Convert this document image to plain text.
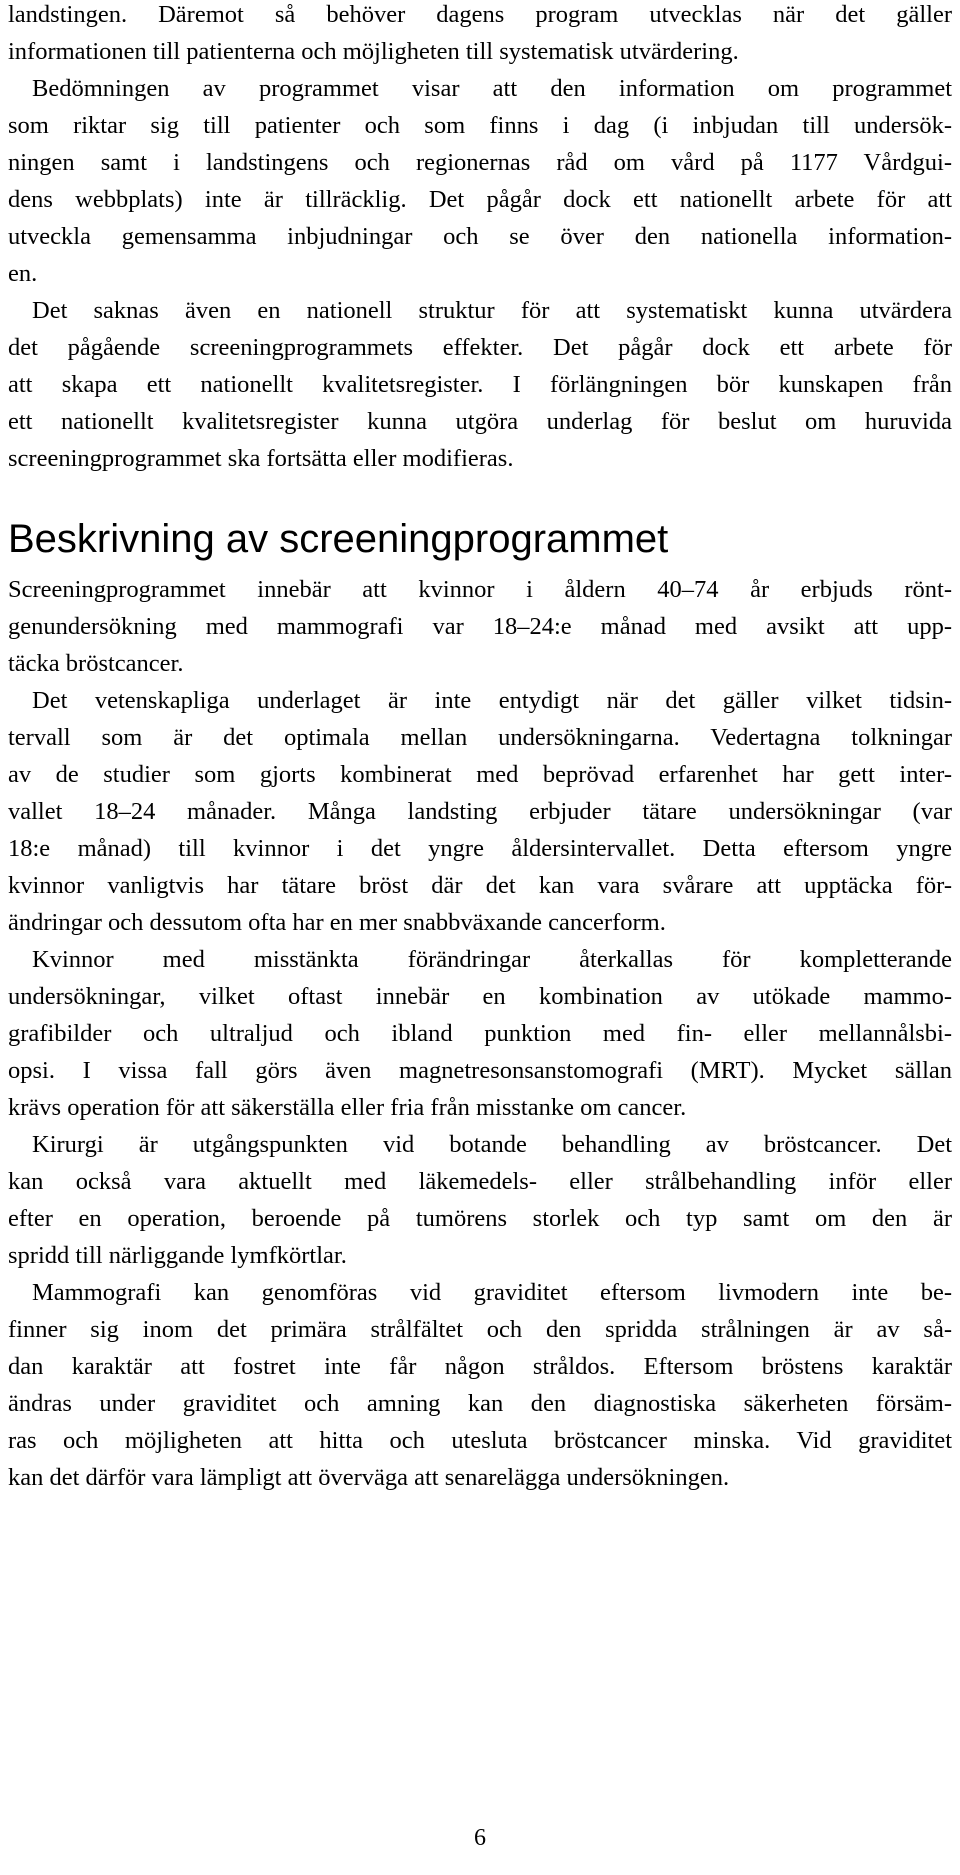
landstingen. Däremot så behöver dagens program utvecklas när det gäller
informationen till patienterna och möjligheten till systematisk utvärdering.
Bedömningen av programmet visar att den information om programmet
som riktar sig till patienter och som finns i dag (i inbjudan till undersök-
ningen samt i landstingens och regionernas råd om vård på 1177 Vårdgui-
dens webbplats) inte är tillräcklig. Det pågår dock ett nationellt arbete för att
utveckla gemensamma inbjudningar och se över den nationella information-
en.
Det saknas även en nationell struktur för att systematiskt kunna utvärdera
det pågående screeningprogrammets effekter. Det pågår dock ett arbete för
att skapa ett nationellt kvalitetsregister. I förlängningen bör kunskapen från
ett nationellt kvalitetsregister kunna utgöra underlag för beslut om huruvida
screeningprogrammet ska fortsätta eller modifieras.
Beskrivning av screeningprogrammet
Screeningprogrammet innebär att kvinnor i åldern 40–74 år erbjuds rönt-
genundersökning med mammografi var 18–24:e månad med avsikt att upp-
täcka bröstcancer.
Det vetenskapliga underlaget är inte entydigt när det gäller vilket tidsin-
tervall som är det optimala mellan undersökningarna. Vedertagna tolkningar
av de studier som gjorts kombinerat med beprövad erfarenhet har gett inter-
vallet 18–24 månader. Många landsting erbjuder tätare undersökningar (var
18:e månad) till kvinnor i det yngre åldersintervallet. Detta eftersom yngre
kvinnor vanligtvis har tätare bröst där det kan vara svårare att upptäcka för-
ändringar och dessutom ofta har en mer snabbväxande cancerform.
Kvinnor med misstänkta förändringar återkallas för kompletterande
undersökningar, vilket oftast innebär en kombination av utökade mammo-
grafibilder och ultraljud och ibland punktion med fin- eller mellannålsbi-
opsi. I vissa fall görs även magnetresonsanstomografi (MRT). Mycket sällan
krävs operation för att säkerställa eller fria från misstanke om cancer.
Kirurgi är utgångspunkten vid botande behandling av bröstcancer. Det
kan också vara aktuellt med läkemedels- eller strålbehandling inför eller
efter en operation, beroende på tumörens storlek och typ samt om den är
spridd till närliggande lymfkörtlar.
Mammografi kan genomföras vid graviditet eftersom livmodern inte be-
finner sig inom det primära strålfältet och den spridda strålningen är av så-
dan karaktär att fostret inte får någon stråldos. Eftersom bröstens karaktär
ändras under graviditet och amning kan den diagnostiska säkerheten försäm-
ras och möjligheten att hitta och utesluta bröstcancer minska. Vid graviditet
kan det därför vara lämpligt att överväga att senarelägga undersökningen.
6
